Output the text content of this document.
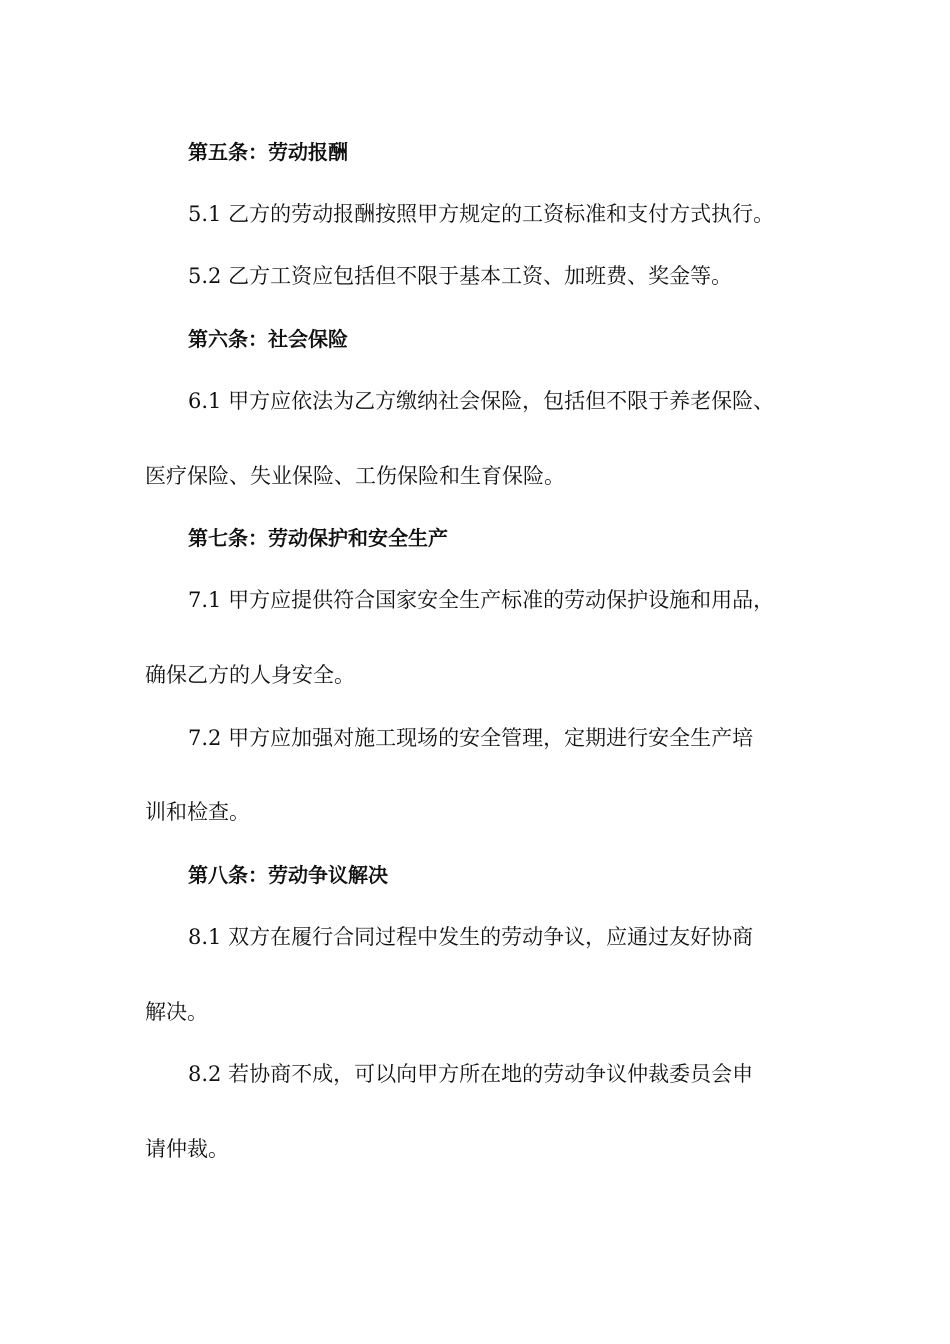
第五条：劳动报酬
5.1 乙方的劳动报酬按照甲方规定的工资标准和支付方式执行。
5.2 乙方工资应包括但不限于基本工资、加班费、奖金等。
第六条：社会保险
6.1 甲方应依法为乙方缴纳社会保险，包括但不限于养老保险、
医疗保险、失业保险、工伤保险和生育保险。
第七条：劳动保护和安全生产
7.1 甲方应提供符合国家安全生产标准的劳动保护设施和用品，
确保乙方的人身安全。
7.2 甲方应加强对施工现场的安全管理，定期进行安全生产培
训和检查。
第八条：劳动争议解决
8.1 双方在履行合同过程中发生的劳动争议，应通过友好协商
解决。
8.2 若协商不成，可以向甲方所在地的劳动争议仲裁委员会申
请仲裁。
